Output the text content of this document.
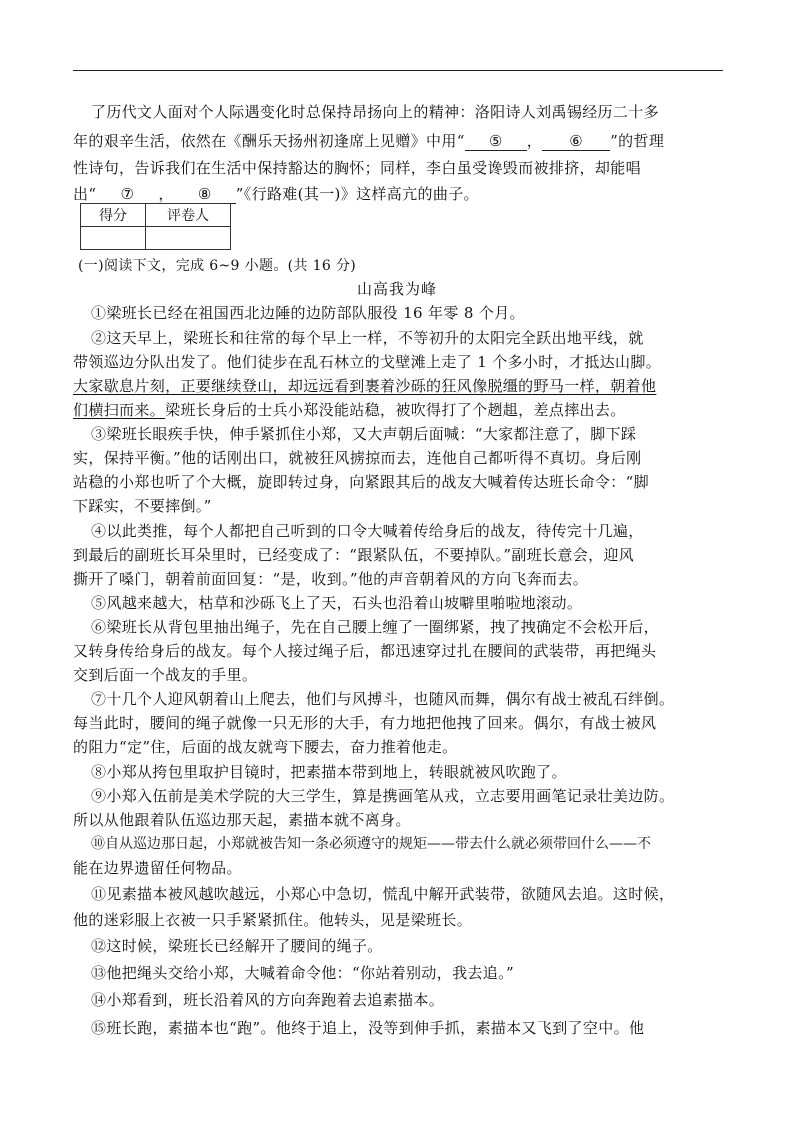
了历代文人面对个人际遇变化时总保持昂扬向上的精神：洛阳诗人刘禹锡经历二十多
年的艰辛生活，依然在《酬乐天扬州初逢席上见赠》中用“ ⑤ ， ⑥ ”的哲理
性诗句，告诉我们在生活中保持豁达的胸怀；同样，李白虽受谗毁而被排挤，却能唱
出“ ⑦ ， ⑧ ”《行路难(其一)》这样高亢的曲子。
得分	评卷人

(一)阅读下文，完成 6~9 小题。(共 16 分)
山高我为峰
①梁班长已经在祖国西北边陲的边防部队服役 16 年零 8 个月。
②这天早上，梁班长和往常的每个早上一样，不等初升的太阳完全跃出地平线，就
带领巡边分队出发了。他们徒步在乱石林立的戈壁滩上走了 1 个多小时，才抵达山脚。
大家歇息片刻，正要继续登山，却远远看到裹着沙砾的狂风像脱缰的野马一样，朝着他
们横扫而来。梁班长身后的士兵小郑没能站稳，被吹得打了个趔趄，差点摔出去。
③梁班长眼疾手快，伸手紧抓住小郑，又大声朝后面喊：“大家都注意了，脚下踩
实，保持平衡。”他的话刚出口，就被狂风掳掠而去，连他自己都听得不真切。身后刚
站稳的小郑也听了个大概，旋即转过身，向紧跟其后的战友大喊着传达班长命令：“脚
下踩实，不要摔倒。”
④以此类推，每个人都把自己听到的口令大喊着传给身后的战友，待传完十几遍，
到最后的副班长耳朵里时，已经变成了：“跟紧队伍，不要掉队。”副班长意会，迎风
撕开了嗓门，朝着前面回复：“是，收到。”他的声音朝着风的方向飞奔而去。
⑤风越来越大，枯草和沙砾飞上了天，石头也沿着山坡噼里啪啦地滚动。
⑥梁班长从背包里抽出绳子，先在自己腰上缠了一圈绑紧，拽了拽确定不会松开后，
又转身传给身后的战友。每个人接过绳子后，都迅速穿过扎在腰间的武装带，再把绳头
交到后面一个战友的手里。
⑦十几个人迎风朝着山上爬去，他们与风搏斗，也随风而舞，偶尔有战士被乱石绊倒。
每当此时，腰间的绳子就像一只无形的大手，有力地把他拽了回来。偶尔，有战士被风
的阻力“定”住，后面的战友就弯下腰去，奋力推着他走。
⑧小郑从挎包里取护目镜时，把素描本带到地上，转眼就被风吹跑了。
⑨小郑入伍前是美术学院的大三学生，算是携画笔从戎，立志要用画笔记录壮美边防。
所以从他跟着队伍巡边那天起，素描本就不离身。
⑩自从巡边那日起，小郑就被告知一条必须遵守的规矩——带去什么就必须带回什么——不
能在边界遗留任何物品。
⑪见素描本被风越吹越远，小郑心中急切，慌乱中解开武装带，欲随风去追。这时候，
他的迷彩服上衣被一只手紧紧抓住。他转头，见是梁班长。
⑫这时候，梁班长已经解开了腰间的绳子。
⑬他把绳头交给小郑，大喊着命令他：“你站着别动，我去追。”
⑭小郑看到，班长沿着风的方向奔跑着去追素描本。
⑮班长跑，素描本也“跑”。他终于追上，没等到伸手抓，素描本又飞到了空中。他
